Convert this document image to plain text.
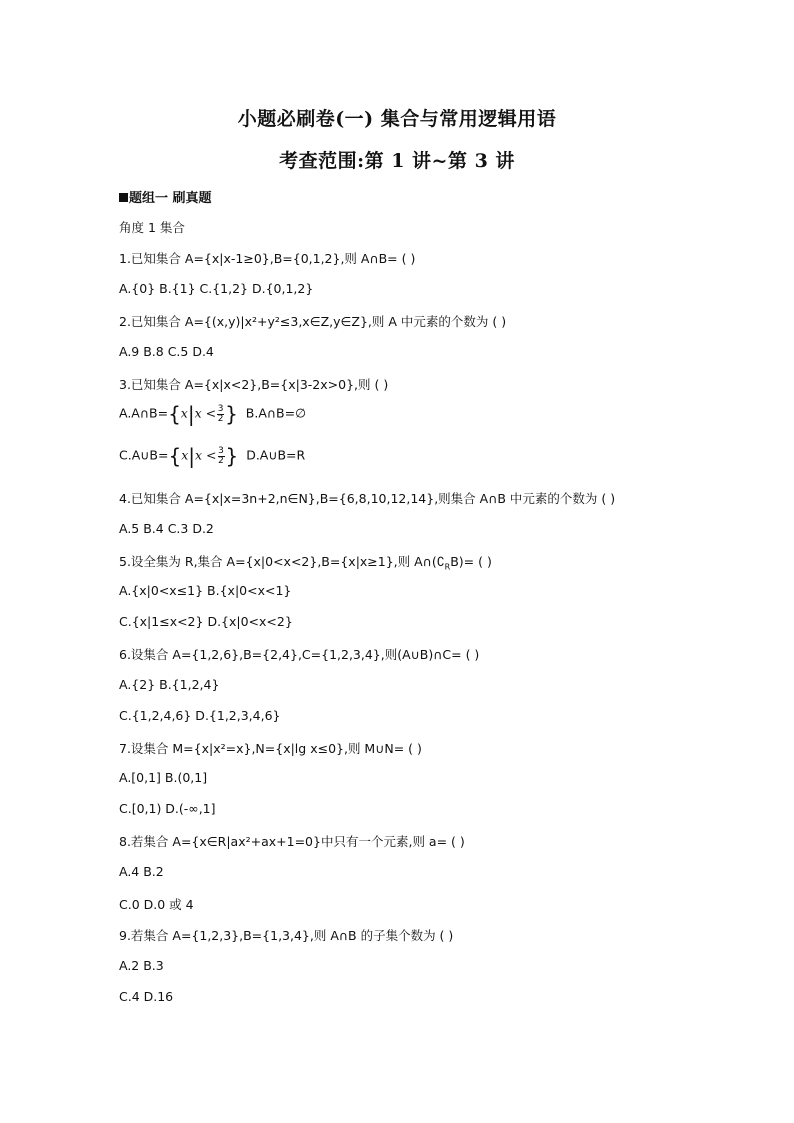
小题必刷卷(一) 集合与常用逻辑用语
考查范围:第 1 讲~第 3 讲
题组一 刷真题
角度 1 集合
1.已知集合 A={x|x-1≥0},B={0,1,2},则 A∩B= ( )
A.{0} B.{1} C.{1,2} D.{0,1,2}
2.已知集合 A={(x,y)|x²+y²≤3,x∈Z,y∈Z},则 A 中元素的个数为 ( )
A.9 B.8 C.5 D.4
3.已知集合 A={x|x<2},B={x|3-2x>0},则 ( )
A.A∩B={x|x < $\frac{3}{2}$ } B.A∩B=∅
C.A∪B={x|x < $\frac{3}{2}$ } D.A∪B=R
4.已知集合 A={x|x=3n+2,n∈N},B={6,8,10,12,14},则集合 A∩B 中元素的个数为 ( )
A.5 B.4 C.3 D.2
5.设全集为 R,集合 A={x|0<x<2},B={x|x≥1},则 $A\cap(∁_RB)=$ ( )
A.{x|0<x≤1} B.{x|0<x<1}
C.{x|1≤x<2} D.{x|0<x<2}
6.设集合 A={1,2,6},B={2,4},C={1,2,3,4},则(A∪B)∩C= ( )
A.{2} B.{1,2,4}
C.{1,2,4,6} D.{1,2,3,4,6}
7.设集合 M={x|x²=x},N={x|lg x≤0},则 M∪N= ( )
A.[0,1] B.(0,1]
C.[0,1) D.(-∞,1]
8.若集合 A={x∈R|ax²+ax+1=0}中只有一个元素,则 a= ( )
A.4 B.2
C.0 D.0 或 4
9.若集合 A={1,2,3},B={1,3,4},则 A∩B 的子集个数为 ( )
A.2 B.3
C.4 D.16
